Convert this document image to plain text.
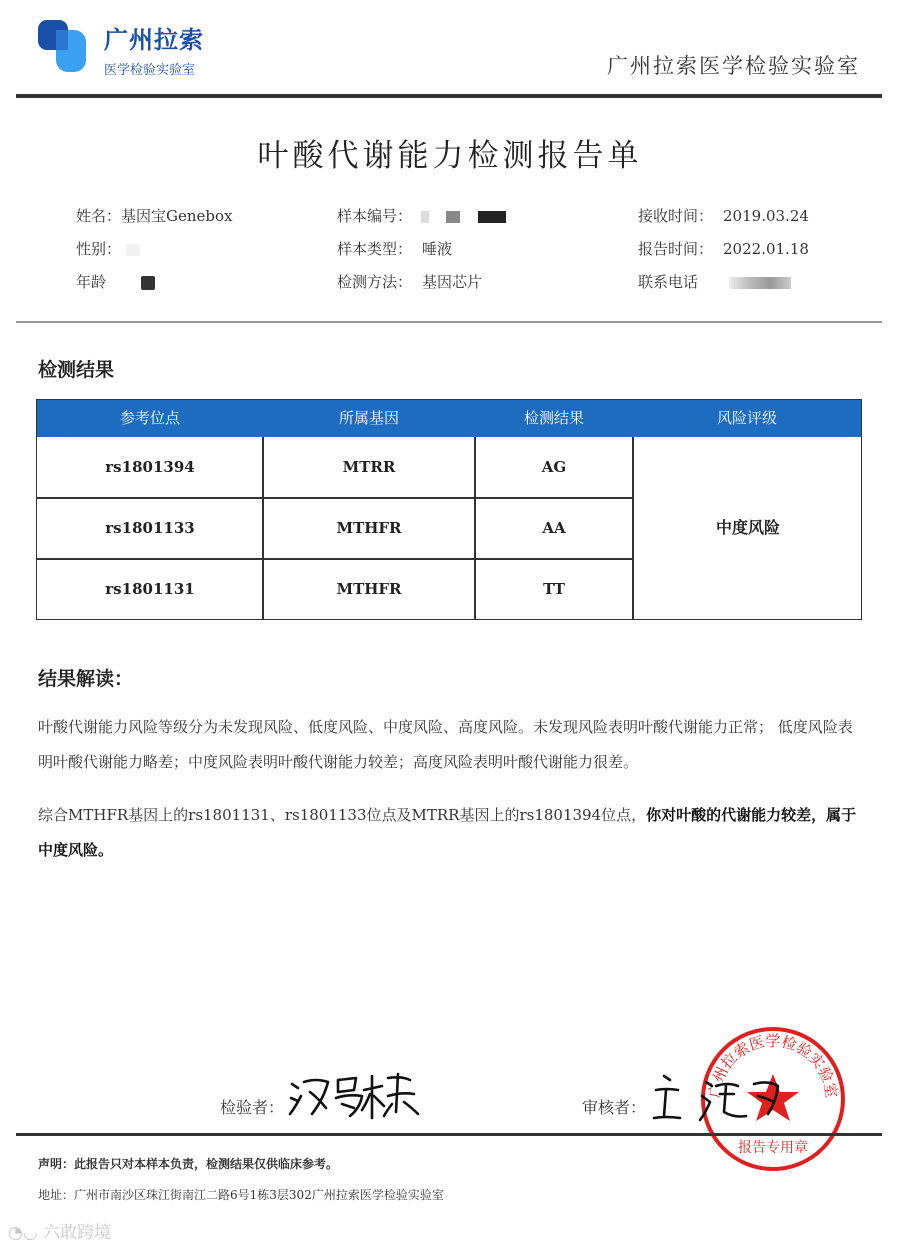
广州拉索
医学检验实验室	广州拉索医学检验实验室
叶酸代谢能力检测报告单
姓名：基因宝Genebox
性别：
年龄
样本编号：
样本类型： 唾液
检测方法： 基因芯片
接收时间： 2019.03.24
报告时间： 2022.01.18
联系电话
检测结果
参考位点	所属基因	检测结果	风险评级
rs1801394	MTRR	AG
rs1801133	MTHFR	AA
rs1801131	MTHFR	TT
中度风险
结果解读：
叶酸代谢能力风险等级分为未发现风险、低度风险、中度风险、高度风险。未发现风险表明叶酸代谢能力正常； 低度风险表明叶酸代谢能力略差；中度风险表明叶酸代谢能力较差；高度风险表明叶酸代谢能力很差。
综合MTHFR基因上的rs1801131、rs1801133位点及MTRR基因上的rs1801394位点，你对叶酸的代谢能力较差，属于中度风险。
检验者：	审核者：
广州拉索医学检验实验室
报告专用章
声明：此报告只对本样本负责，检测结果仅供临床参考。
地址：广州市南沙区珠江街南江二路6号1栋3层302广州拉索医学检验实验室
◔◡ 六敢跨境
